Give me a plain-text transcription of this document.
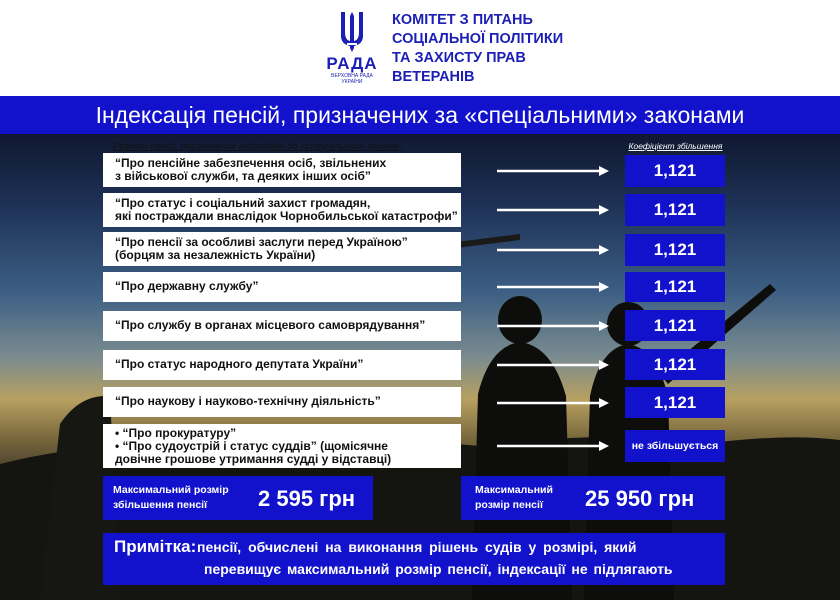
РАДА
ВЕРХОВНА РАДА
УКРАЇНИ
КОМІТЕТ З ПИТАНЬ
СОЦІАЛЬНОЇ ПОЛІТИКИ
ТА ЗАХИСТУ ПРАВ
ВЕТЕРАНІВ
Індексація пенсій, призначених за «спеціальними» законами
Розміри пенсії, призначених відповідно до «спеціальних» законів:	Коефіцієнт збільшення
“Про пенсійне забезпечення осіб, звільнених
з військової служби, та деяких інших осіб”	1,121
“Про статус і соціальний захист громадян,
які постраждали внаслідок Чорнобильської катастрофи”	1,121
“Про пенсії за особливі заслуги перед Україною”
(борцям за незалежність України)	1,121
“Про державну службу”	1,121
“Про службу в органах місцевого самоврядування”	1,121
“Про статус народного депутата України”	1,121
“Про наукову і науково-технічну діяльність”	1,121
• “Про прокуратуру”
• “Про судоустрій і статус суддів” (щомісячне
довічне грошове утримання судді у відставці)
не збільшується
Максимальний розмір
збільшення пенсії	2 595 грн	Максимальний
розмір пенсії	25 950 грн
Примітка: пенсії, обчислені на виконання рішень судів у розмірі, який
перевищує максимальний розмір пенсії, індексації не підлягають
